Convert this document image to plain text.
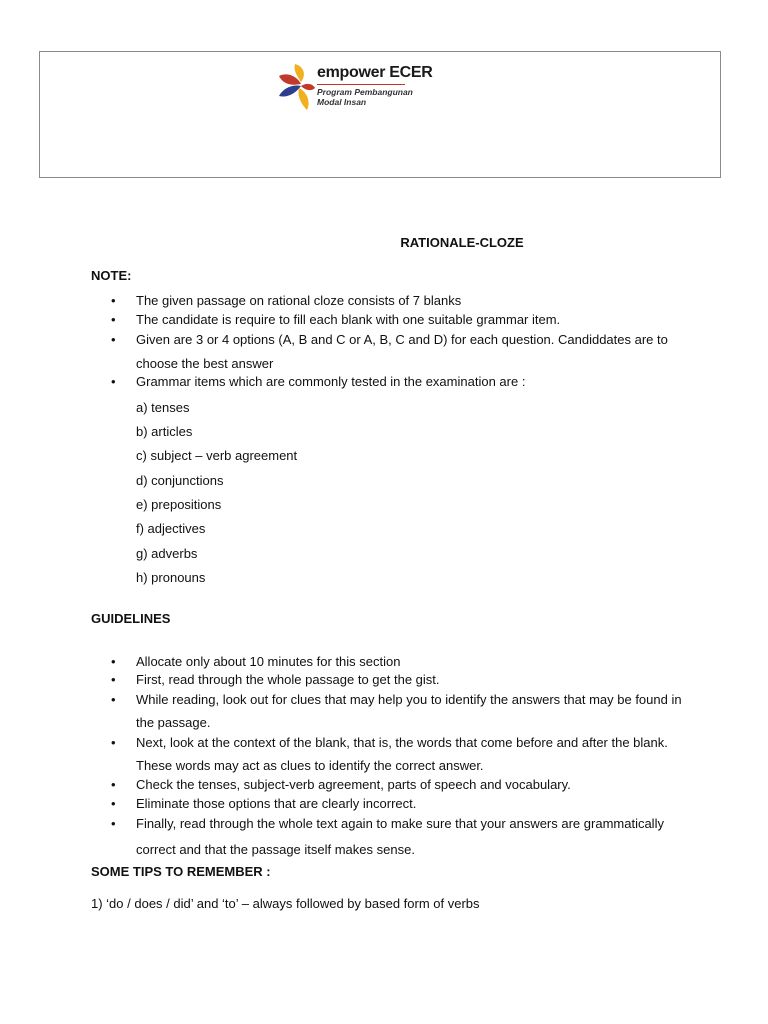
empower ECER
Program Pembangunan
Modal Insan
RATIONALE-CLOZE
NOTE:
• The given passage on rational cloze consists of 7 blanks
• The candidate is require to fill each blank with one suitable grammar item.
• Given are 3 or 4 options (A, B and C or A, B, C and D) for each question. Candiddates are to choose the best answer
• Grammar items which are commonly tested in the examination are :
a) tenses
b) articles
c) subject – verb agreement
d) conjunctions
e) prepositions
f) adjectives
g) adverbs
h) pronouns
GUIDELINES
• Allocate only about 10 minutes for this section
• First, read through the whole passage to get the gist.
• While reading, look out for clues that may help you to identify the answers that may be found in the passage.
• Next, look at the context of the blank, that is, the words that come before and after the blank. These words may act as clues to identify the correct answer.
• Check the tenses, subject-verb agreement, parts of speech and vocabulary.
• Eliminate those options that are clearly incorrect.
• Finally, read through the whole text again to make sure that your answers are grammatically correct and that the passage itself makes sense.
SOME TIPS TO REMEMBER :
1) ‘do / does / did’ and ‘to’ – always followed by based form of verbs
